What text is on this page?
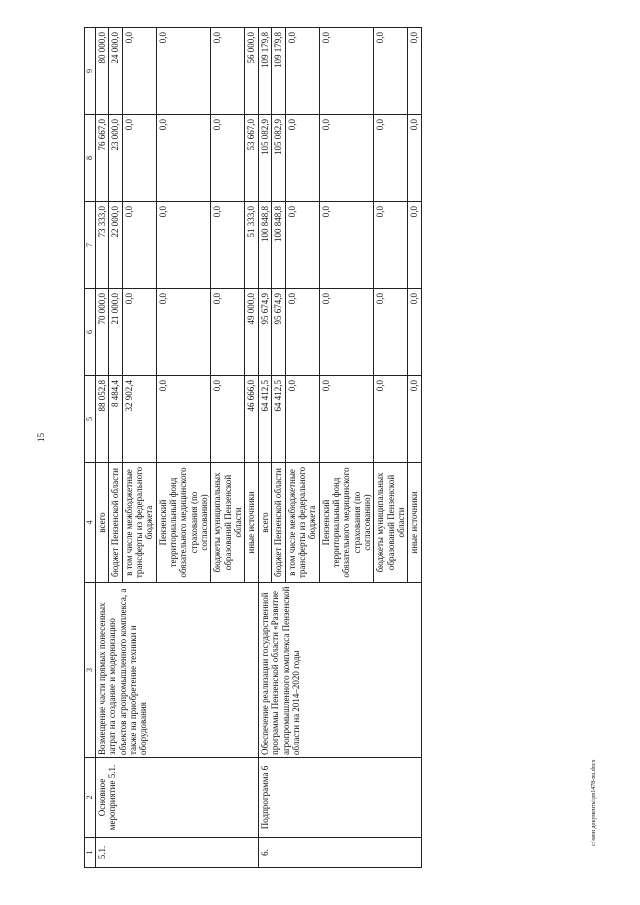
15
1	2	3	4	5	6	7	8	9
5.1.	Основное мероприятие 5.1.	Возмещение части прямых понесенных затрат на создание и модернизацию объектов агропромышленного комплекса, а также на приобретение техники и оборудования	всего	88 052,8	70 000,0	73 333,0	76 667,0	80 000,0
			бюджет Пензенской области	8 484,4	21 000,0	22 000,0	23 000,0	24 000,0
			в том числе межбюджетные трансферты из федерального бюджета	32 902,4	0,0	0,0	0,0	0,0
			Пензенский территориальный фонд обязательного медицинского страхования (по согласованию)	0,0	0,0	0,0	0,0	0,0
			бюджеты муниципальных образований Пензенской области	0,0	0,0	0,0	0,0	0,0
			иные источники	46 666,0	49 000,0	51 333,0	53 667,0	56 000,0
6.	Подпрограмма 6	Обеспечение реализации государственной программы Пензенской области «Развитие агропромышленного комплекса Пензенской области на 2014–2020 годы	всего	64 412,5	95 674,9	100 848,8	105 082,9	109 179,8
			бюджет Пензенской области	64 412,5	95 674,9	100 848,8	105 082,9	109 179,8
			в том числе межбюджетные трансферты из федерального бюджета	0,0	0,0	0,0	0,0	0,0
			Пензенский территориальный фонд обязательного медицинского страхования (по согласованию)	0,0	0,0	0,0	0,0	0,0
			бюджеты муниципальных образований Пензенской области	0,0	0,0	0,0	0,0	0,0
			иные источники	0,0	0,0	0,0	0,0	0,0
c:\мои документы\pn1478-nu.docx
